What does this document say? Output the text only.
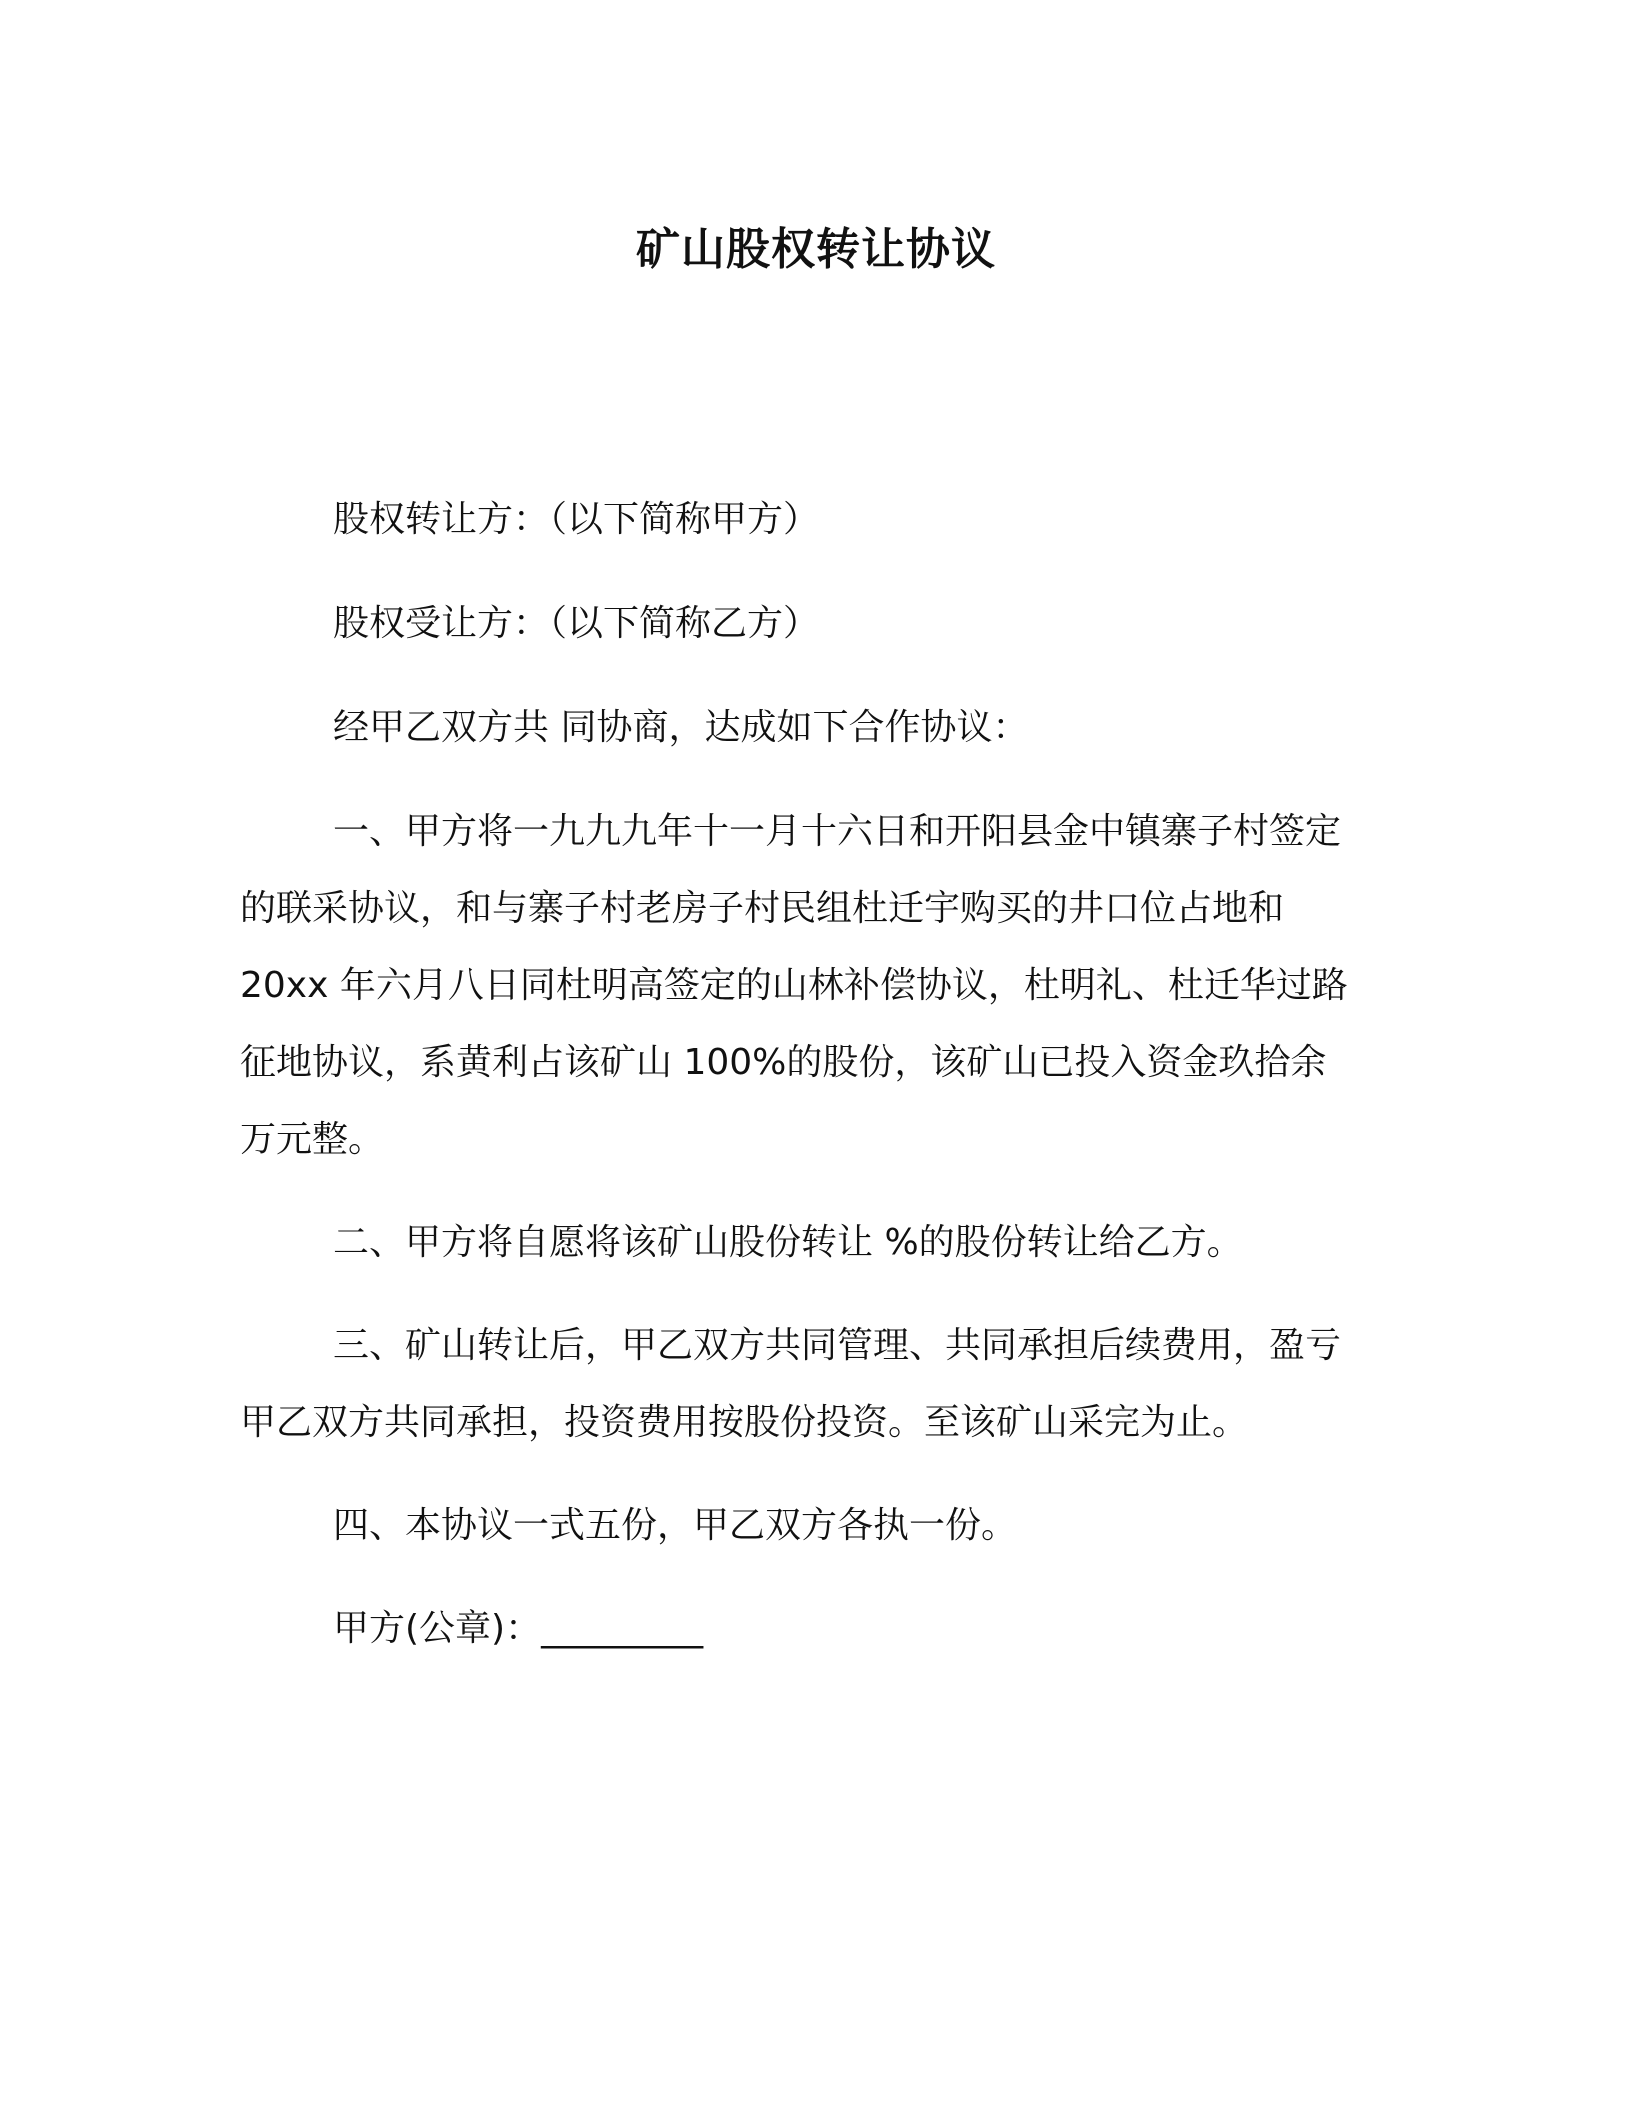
矿山股权转让协议
股权转让方：（以下简称甲方）
股权受让方：（以下简称乙方）
经甲乙双方共 同协商，达成如下合作协议：
一、甲方将一九九九年十一月十六日和开阳县金中镇寨子村签定
的联采协议，和与寨子村老房子村民组杜迁宇购买的井口位占地和
20xx 年六月八日同杜明高签定的山林补偿协议，杜明礼、杜迁华过路
征地协议，系黄利占该矿山 100%的股份，该矿山已投入资金玖拾余
万元整。
二、甲方将自愿将该矿山股份转让 %的股份转让给乙方。
三、矿山转让后，甲乙双方共同管理、共同承担后续费用，盈亏
甲乙双方共同承担，投资费用按股份投资。至该矿山采完为止。
四、本协议一式五份，甲乙双方各执一份。
甲方(公章)：_________
